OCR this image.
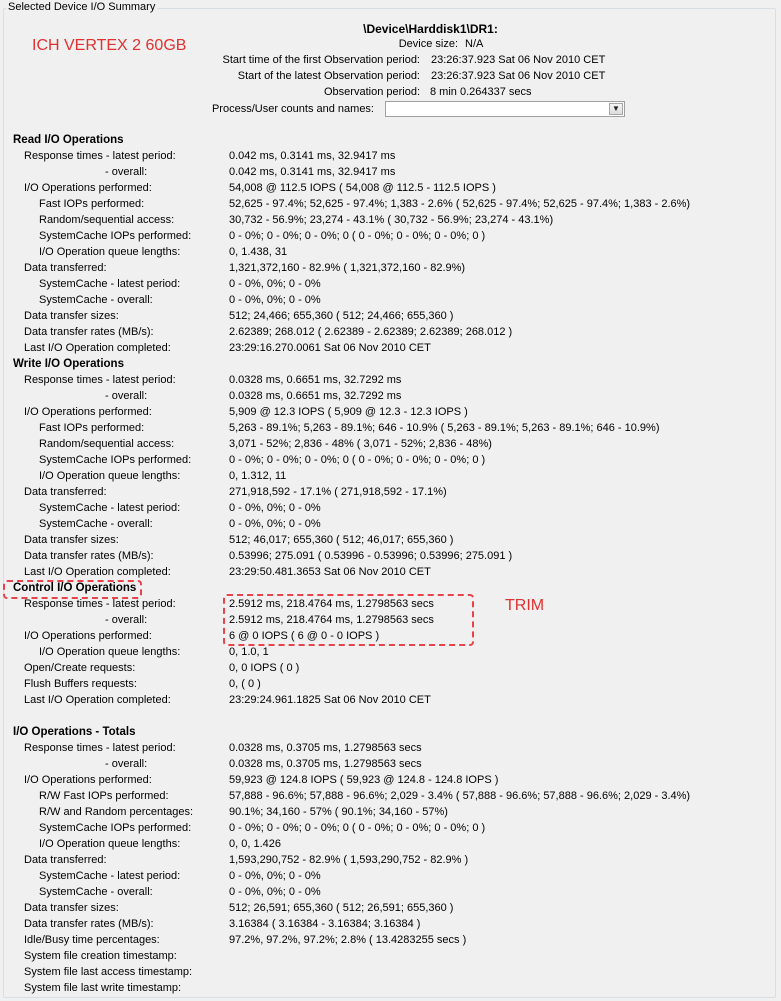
Selected Device I/O Summary
ICH VERTEX 2 60GB
TRIM
\Device\Harddisk1\DR1:
Device size: N/A
Start time of the first Observation period: 23:26:37.923 Sat 06 Nov 2010 CET
Start of the latest Observation period: 23:26:37.923 Sat 06 Nov 2010 CET
Observation period: 8 min 0.264337 secs
Process/User counts and names:	▼
Read I/O Operations
Response times - latest period:	0.042 ms, 0.3141 ms, 32.9417 ms
- overall:	0.042 ms, 0.3141 ms, 32.9417 ms
I/O Operations performed:	54,008 @ 112.5 IOPS ( 54,008 @ 112.5 - 112.5 IOPS )
Fast IOPs performed:	52,625 - 97.4%; 52,625 - 97.4%; 1,383 - 2.6% ( 52,625 - 97.4%; 52,625 - 97.4%; 1,383 - 2.6%)
Random/sequential access:	30,732 - 56.9%; 23,274 - 43.1% ( 30,732 - 56.9%; 23,274 - 43.1%)
SystemCache IOPs performed:	0 - 0%; 0 - 0%; 0 - 0%; 0 ( 0 - 0%; 0 - 0%; 0 - 0%; 0 )
I/O Operation queue lengths:	0, 1.438, 31
Data transferred:	1,321,372,160 - 82.9% ( 1,321,372,160 - 82.9%)
SystemCache - latest period:	0 - 0%, 0%; 0 - 0%
SystemCache - overall:	0 - 0%, 0%; 0 - 0%
Data transfer sizes:	512; 24,466; 655,360 ( 512; 24,466; 655,360 )
Data transfer rates (MB/s):	2.62389; 268.012 ( 2.62389 - 2.62389; 2.62389; 268.012 )
Last I/O Operation completed:	23:29:16.270.0061 Sat 06 Nov 2010 CET
Write I/O Operations
Response times - latest period:	0.0328 ms, 0.6651 ms, 32.7292 ms
- overall:	0.0328 ms, 0.6651 ms, 32.7292 ms
I/O Operations performed:	5,909 @ 12.3 IOPS ( 5,909 @ 12.3 - 12.3 IOPS )
Fast IOPs performed:	5,263 - 89.1%; 5,263 - 89.1%; 646 - 10.9% ( 5,263 - 89.1%; 5,263 - 89.1%; 646 - 10.9%)
Random/sequential access:	3,071 - 52%; 2,836 - 48% ( 3,071 - 52%; 2,836 - 48%)
SystemCache IOPs performed:	0 - 0%; 0 - 0%; 0 - 0%; 0 ( 0 - 0%; 0 - 0%; 0 - 0%; 0 )
I/O Operation queue lengths:	0, 1.312, 11
Data transferred:	271,918,592 - 17.1% ( 271,918,592 - 17.1%)
SystemCache - latest period:	0 - 0%, 0%; 0 - 0%
SystemCache - overall:	0 - 0%, 0%; 0 - 0%
Data transfer sizes:	512; 46,017; 655,360 ( 512; 46,017; 655,360 )
Data transfer rates (MB/s):	0.53996; 275.091 ( 0.53996 - 0.53996; 0.53996; 275.091 )
Last I/O Operation completed:	23:29:50.481.3653 Sat 06 Nov 2010 CET
Control I/O Operations
Response times - latest period:	2.5912 ms, 218.4764 ms, 1.2798563 secs
- overall:	2.5912 ms, 218.4764 ms, 1.2798563 secs
I/O Operations performed:	6 @ 0 IOPS ( 6 @ 0 - 0 IOPS )
I/O Operation queue lengths:	0, 1.0, 1
Open/Create requests:	0, 0 IOPS ( 0 )
Flush Buffers requests:	0, ( 0 )
Last I/O Operation completed:	23:29:24.961.1825 Sat 06 Nov 2010 CET
I/O Operations - Totals
Response times - latest period:	0.0328 ms, 0.3705 ms, 1.2798563 secs
- overall:	0.0328 ms, 0.3705 ms, 1.2798563 secs
I/O Operations performed:	59,923 @ 124.8 IOPS ( 59,923 @ 124.8 - 124.8 IOPS )
R/W Fast IOPs performed:	57,888 - 96.6%; 57,888 - 96.6%; 2,029 - 3.4% ( 57,888 - 96.6%; 57,888 - 96.6%; 2,029 - 3.4%)
R/W and Random percentages:	90.1%; 34,160 - 57% ( 90.1%; 34,160 - 57%)
SystemCache IOPs performed:	0 - 0%; 0 - 0%; 0 - 0%; 0 ( 0 - 0%; 0 - 0%; 0 - 0%; 0 )
I/O Operation queue lengths:	0, 0, 1.426
Data transferred:	1,593,290,752 - 82.9% ( 1,593,290,752 - 82.9% )
SystemCache - latest period:	0 - 0%, 0%; 0 - 0%
SystemCache - overall:	0 - 0%, 0%; 0 - 0%
Data transfer sizes:	512; 26,591; 655,360 ( 512; 26,591; 655,360 )
Data transfer rates (MB/s):	3.16384 ( 3.16384 - 3.16384; 3.16384 )
Idle/Busy time percentages:	97.2%, 97.2%, 97.2%; 2.8% ( 13.4283255 secs )
System file creation timestamp:
System file last access timestamp:
System file last write timestamp:
